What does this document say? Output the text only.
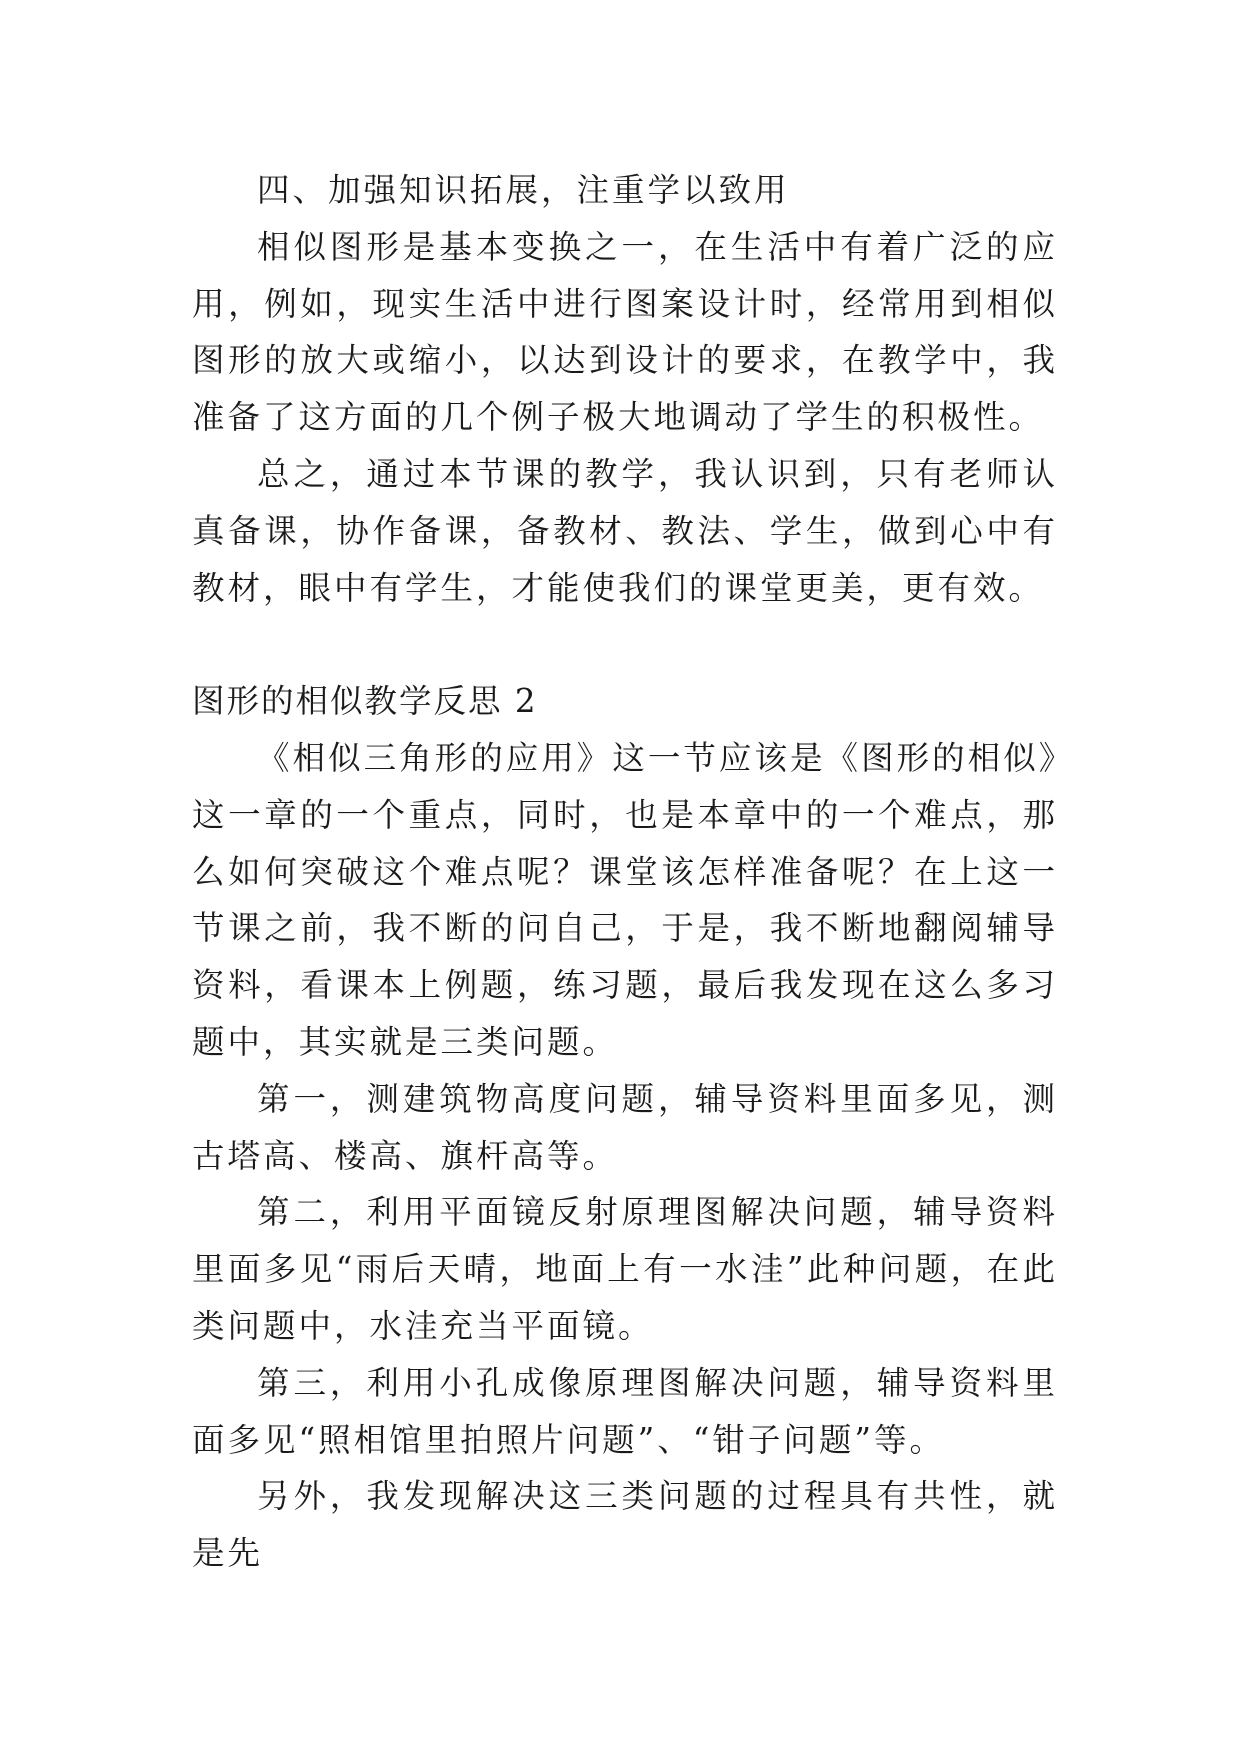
四、加强知识拓展，注重学以致用

相似图形是基本变换之一，在生活中有着广泛的应用，例如，现实生活中进行图案设计时，经常用到相似图形的放大或缩小，以达到设计的要求，在教学中，我准备了这方面的几个例子极大地调动了学生的积极性。

总之，通过本节课的教学，我认识到，只有老师认真备课，协作备课，备教材、教法、学生，做到心中有教材，眼中有学生，才能使我们的课堂更美，更有效。

图形的相似教学反思 2

《相似三角形的应用》这一节应该是《图形的相似》这一章的一个重点，同时，也是本章中的一个难点，那么如何突破这个难点呢？课堂该怎样准备呢？在上这一节课之前，我不断的问自己，于是，我不断地翻阅辅导资料，看课本上例题，练习题，最后我发现在这么多习题中，其实就是三类问题。

第一，测建筑物高度问题，辅导资料里面多见，测古塔高、楼高、旗杆高等。

第二，利用平面镜反射原理图解决问题，辅导资料里面多见“雨后天晴，地面上有一水洼”此种问题，在此类问题中，水洼充当平面镜。

第三，利用小孔成像原理图解决问题，辅导资料里面多见“照相馆里拍照片问题”、“钳子问题”等。

另外，我发现解决这三类问题的过程具有共性，就是先
